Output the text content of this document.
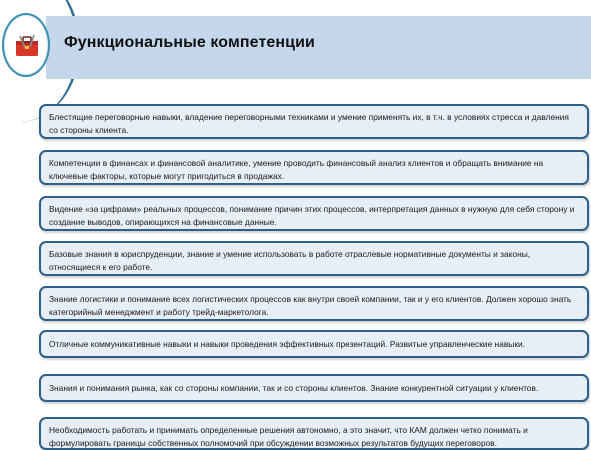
Функциональные компетенции
Блестящие переговорные навыки, владение переговорными техниками и умение применять их, в т.ч. в условиях стресса и давления со стороны клиента.
Компетенции в финансах и финансовой аналитике, умение проводить финансовый анализ клиентов и обращать внимание на ключевые факторы, которые могут пригодиться в продажах.
Видение «за цифрами» реальных процессов, понимание причин этих процессов, интерпретация данных в нужную для себя сторону и создание выводов, опирающихся на финансовые данные.
Базовые знания в юриспруденции, знание и умение использовать в работе отраслевые нормативные документы и законы, относящиеся к его работе.
Знание логистики и понимание всех логистических процессов как внутри своей компании, так и у его клиентов. Должен хорошо знать категорийный менеджмент и работу трейд-маркетолога.
Отличные коммуникативные навыки и навыки проведения эффективных презентаций. Развитые управленческие навыки.
Знания и понимания рынка, как со стороны компании, так и со стороны клиентов. Знание конкурентной ситуации у клиентов.
Необходимость работать и принимать определенные решения автономно, а это значит, что КАМ должен четко понимать и формулировать границы собственных полномочий при обсуждении возможных результатов будущих переговоров.
